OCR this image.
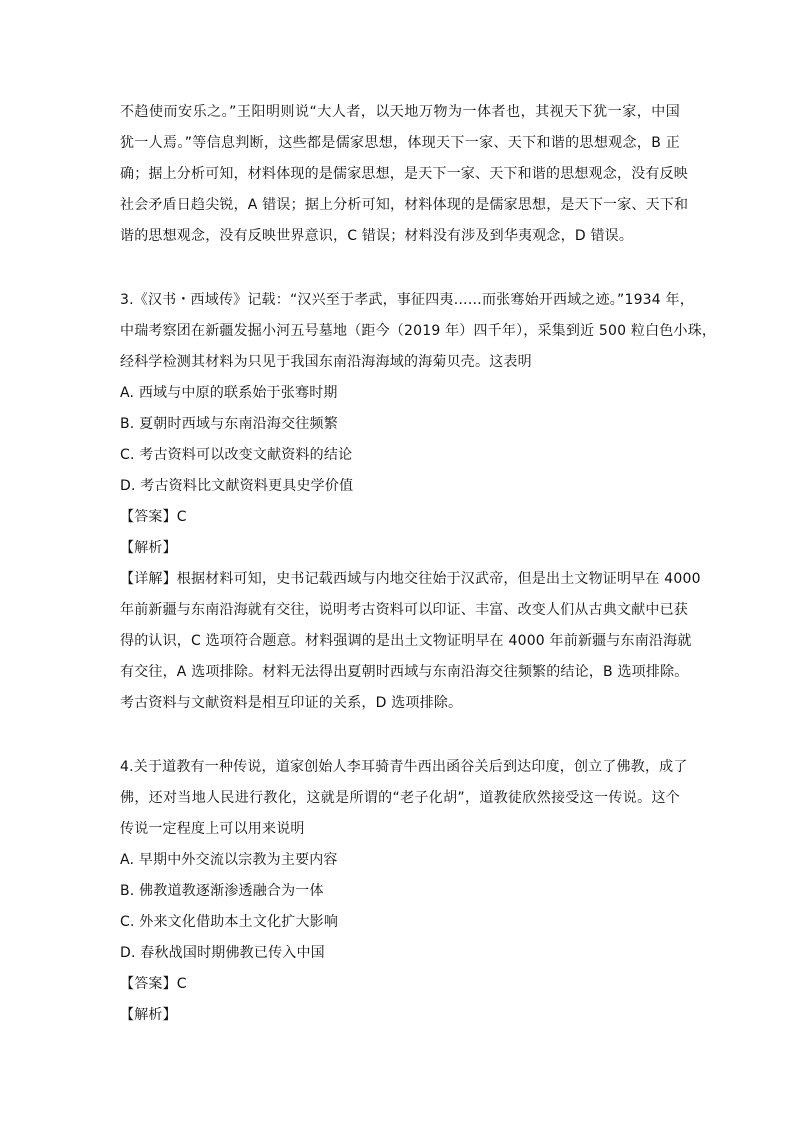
不趋使而安乐之。”王阳明则说“大人者，以天地万物为一体者也，其视天下犹一家，中国
犹一人焉。”等信息判断，这些都是儒家思想，体现天下一家、天下和谐的思想观念，B 正
确；据上分析可知，材料体现的是儒家思想，是天下一家、天下和谐的思想观念，没有反映
社会矛盾日趋尖锐，A 错误；据上分析可知，材料体现的是儒家思想，是天下一家、天下和
谐的思想观念，没有反映世界意识，C 错误；材料没有涉及到华夷观念，D 错误。
3.《汉书・西域传》记载：“汉兴至于孝武，事征四夷……而张骞始开西域之迹。”1934 年，
中瑞考察团在新疆发掘小河五号墓地（距今（2019 年）四千年），采集到近 500 粒白色小珠，
经科学检测其材料为只见于我国东南沿海海域的海菊贝壳。这表明
A. 西域与中原的联系始于张骞时期
B. 夏朝时西域与东南沿海交往频繁
C. 考古资料可以改变文献资料的结论
D. 考古资料比文献资料更具史学价值
【答案】C
【解析】
【详解】根据材料可知，史书记载西域与内地交往始于汉武帝，但是出土文物证明早在 4000
年前新疆与东南沿海就有交往，说明考古资料可以印证、丰富、改变人们从古典文献中已获
得的认识，C 选项符合题意。材料强调的是出土文物证明早在 4000 年前新疆与东南沿海就
有交往，A 选项排除。材料无法得出夏朝时西域与东南沿海交往频繁的结论，B 选项排除。
考古资料与文献资料是相互印证的关系，D 选项排除。
4.关于道教有一种传说，道家创始人李耳骑青牛西出函谷关后到达印度，创立了佛教，成了
佛，还对当地人民进行教化，这就是所谓的“老子化胡”，道教徒欣然接受这一传说。这个
传说一定程度上可以用来说明
A. 早期中外交流以宗教为主要内容
B. 佛教道教逐渐渗透融合为一体
C. 外来文化借助本土文化扩大影响
D. 春秋战国时期佛教已传入中国
【答案】C
【解析】
